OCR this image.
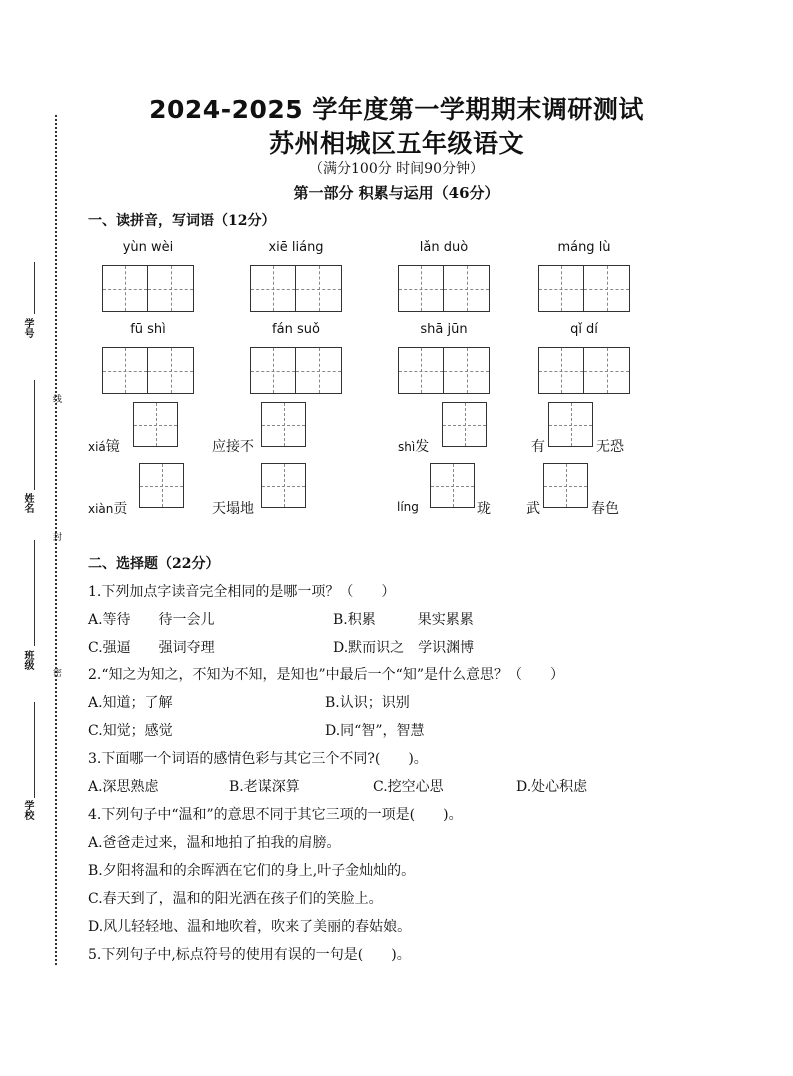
学号
线
姓名
封
班级
密
学校
2024-2025 学年度第一学期期末调研测试
苏州相城区五年级语文
（满分100分 时间90分钟）
第一部分 积累与运用（46分）
一、读拼音，写词语（12分）
yùn wèi	xiē liáng	lǎn duò	máng lù
fū shì	fán suǒ	shā jūn	qǐ dí
xiá镜	应接不	shì发	有	无恐
xiàn贡	天塌地	líng	珑	武	春色
二、选择题（22分）
1.下列加点字读音完全相同的是哪一项？（　　）
A.等待　　待一会儿	B.积累　　　果实累累
C.强逼　　强词夺理	D.默而识之　学识渊博
2.“知之为知之，不知为不知，是知也”中最后一个“知”是什么意思？（　　）
A.知道；了解	B.认识；识别
C.知觉；感觉	D.同“智”，智慧
3.下面哪一个词语的感情色彩与其它三个不同?(　　)。
A.深思熟虑	B.老谋深算	C.挖空心思	D.处心积虑
4.下列句子中“温和”的意思不同于其它三项的一项是(　　)。
A.爸爸走过来，温和地拍了拍我的肩膀。
B.夕阳将温和的余晖洒在它们的身上,叶子金灿灿的。
C.春天到了，温和的阳光洒在孩子们的笑脸上。
D.风儿轻轻地、温和地吹着，吹来了美丽的春姑娘。
5.下列句子中,标点符号的使用有误的一句是(　　)。
